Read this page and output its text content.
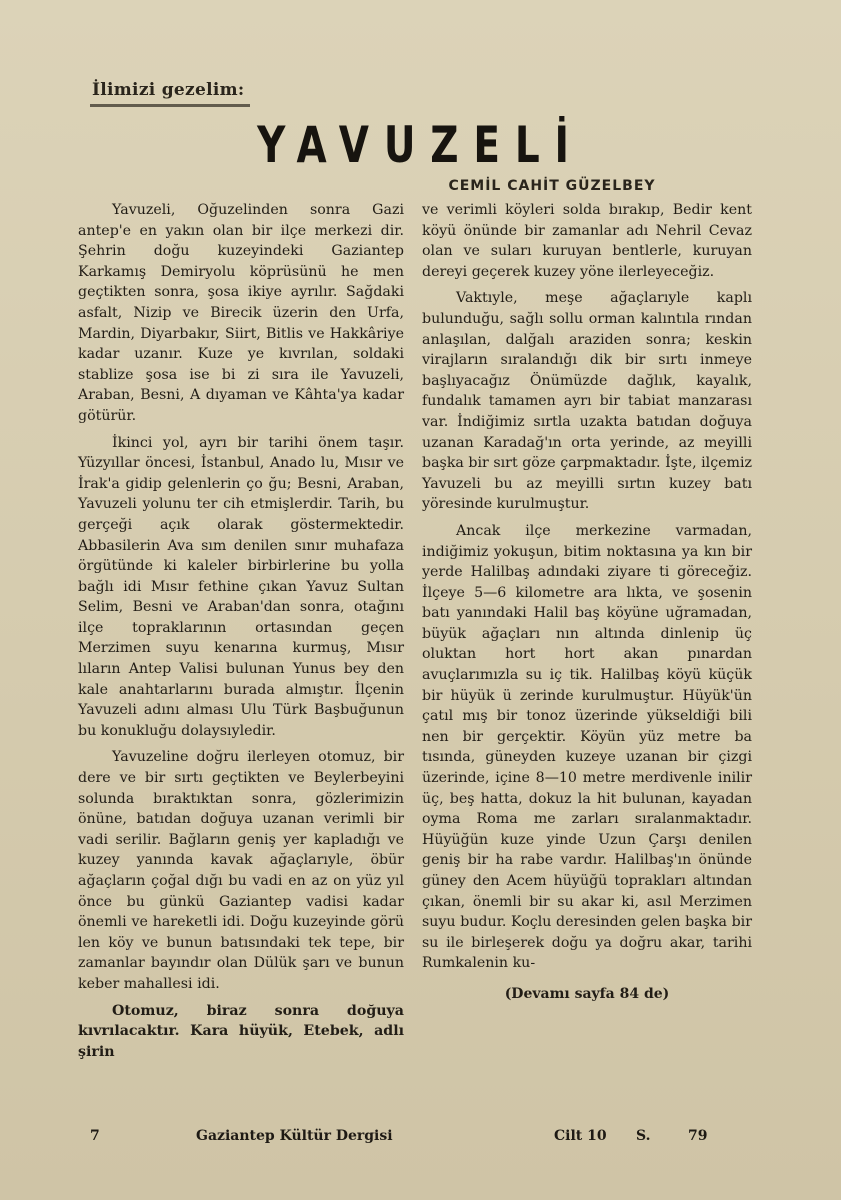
İlimizi gezelim:
YAVUZELİ
CEMİL CAHİT GÜZELBEY

Yavuzeli, Oğuzelinden sonra Gazi antep'e en yakın olan bir ilçe merkezi dir. Şehrin doğu kuzeyindeki Gaziantep Karkamış Demiryolu köprüsünü he men geçtikten sonra, şosa ikiye ayrılır. Sağdaki asfalt, Nizip ve Birecik üzerin den Urfa, Mardin, Diyarbakır, Siirt, Bitlis ve Hakkâriye kadar uzanır. Kuze ye kıvrılan, soldaki stablize şosa ise bi zi sıra ile Yavuzeli, Araban, Besni, A dıyaman ve Kâhta'ya kadar götürür.

İkinci yol, ayrı bir tarihi önem taşır. Yüzyıllar öncesi, İstanbul, Anado lu, Mısır ve İrak'a gidip gelenlerin ço ğu; Besni, Araban, Yavuzeli yolunu ter cih etmişlerdir. Tarih, bu gerçeği açık olarak göstermektedir. Abbasilerin Ava sım denilen sınır muhafaza örgütünde ki kaleler birbirlerine bu yolla bağlı idi Mısır fethine çıkan Yavuz Sultan Selim, Besni ve Araban'dan sonra, otağını ilçe topraklarının ortasından geçen Merzimen suyu kenarına kurmuş, Mısır lıların Antep Valisi bulunan Yunus bey den kale anahtarlarını burada almıştır. İlçenin Yavuzeli adını alması Ulu Türk Başbuğunun bu konukluğu dolaysıyledir.

Yavuzeline doğru ilerleyen otomuz, bir dere ve bir sırtı geçtikten ve Beylerbeyini solunda bıraktıktan sonra, gözlerimizin önüne, batıdan doğuya uzanan verimli bir vadi serilir. Bağların geniş yer kapladığı ve kuzey yanında kavak ağaçlarıyle, öbür ağaçların çoğal dığı bu vadi en az on yüz yıl önce bu günkü Gaziantep vadisi kadar önemli ve hareketli idi. Doğu kuzeyinde görü len köy ve bunun batısındaki tek tepe, bir zamanlar bayındır olan Dülük şarı ve bunun keber mahallesi idi.

Otomuz, biraz sonra doğuya kıvrılacaktır. Kara hüyük, Etebek, adlı şirin

ve verimli köyleri solda bırakıp, Bedir kent köyü önünde bir zamanlar adı Nehril Cevaz olan ve suları kuruyan bentlerle, kuruyan dereyi geçerek kuzey yöne ilerleyeceğiz.

Vaktıyle, meşe ağaçlarıyle kaplı bulunduğu, sağlı sollu orman kalıntıla rından anlaşılan, dalğalı araziden sonra; keskin virajların sıralandığı dik bir sırtı inmeye başlıyacağız Önümüzde dağlık, kayalık, fundalık tamamen ayrı bir tabiat manzarası var. İndiğimiz sırtla uzakta batıdan doğuya uzanan Karadağ'ın orta yerinde, az meyilli başka bir sırt göze çarpmaktadır. İşte, ilçemiz Yavuzeli bu az meyilli sırtın kuzey batı yöresinde kurulmuştur.

Ancak ilçe merkezine varmadan, indiğimiz yokuşun, bitim noktasına ya kın bir yerde Halilbaş adındaki ziyare ti göreceğiz. İlçeye 5—6 kilometre ara lıkta, ve şosenin batı yanındaki Halil baş köyüne uğramadan, büyük ağaçları nın altında dinlenip üç oluktan hort hort akan pınardan avuçlarımızla su iç tik. Halilbaş köyü küçük bir hüyük ü zerinde kurulmuştur. Hüyük'ün çatıl mış bir tonoz üzerinde yükseldiği bili nen bir gerçektir. Köyün yüz metre ba tısında, güneyden kuzeye uzanan bir çizgi üzerinde, içine 8—10 metre merdivenle inilir üç, beş hatta, dokuz la hit bulunan, kayadan oyma Roma me zarları sıralanmaktadır. Hüyüğün kuze yinde Uzun Çarşı denilen geniş bir ha rabe vardır. Halilbaş'ın önünde güney den Acem hüyüğü toprakları altından çıkan, önemli bir su akar ki, asıl Merzimen suyu budur. Koçlu deresinden gelen başka bir su ile birleşerek doğu ya doğru akar, tarihi Rumkalenin ku-

(Devamı sayfa 84 de)
7	Gaziantep Kültür Dergisi	Cilt 10 S.	79
